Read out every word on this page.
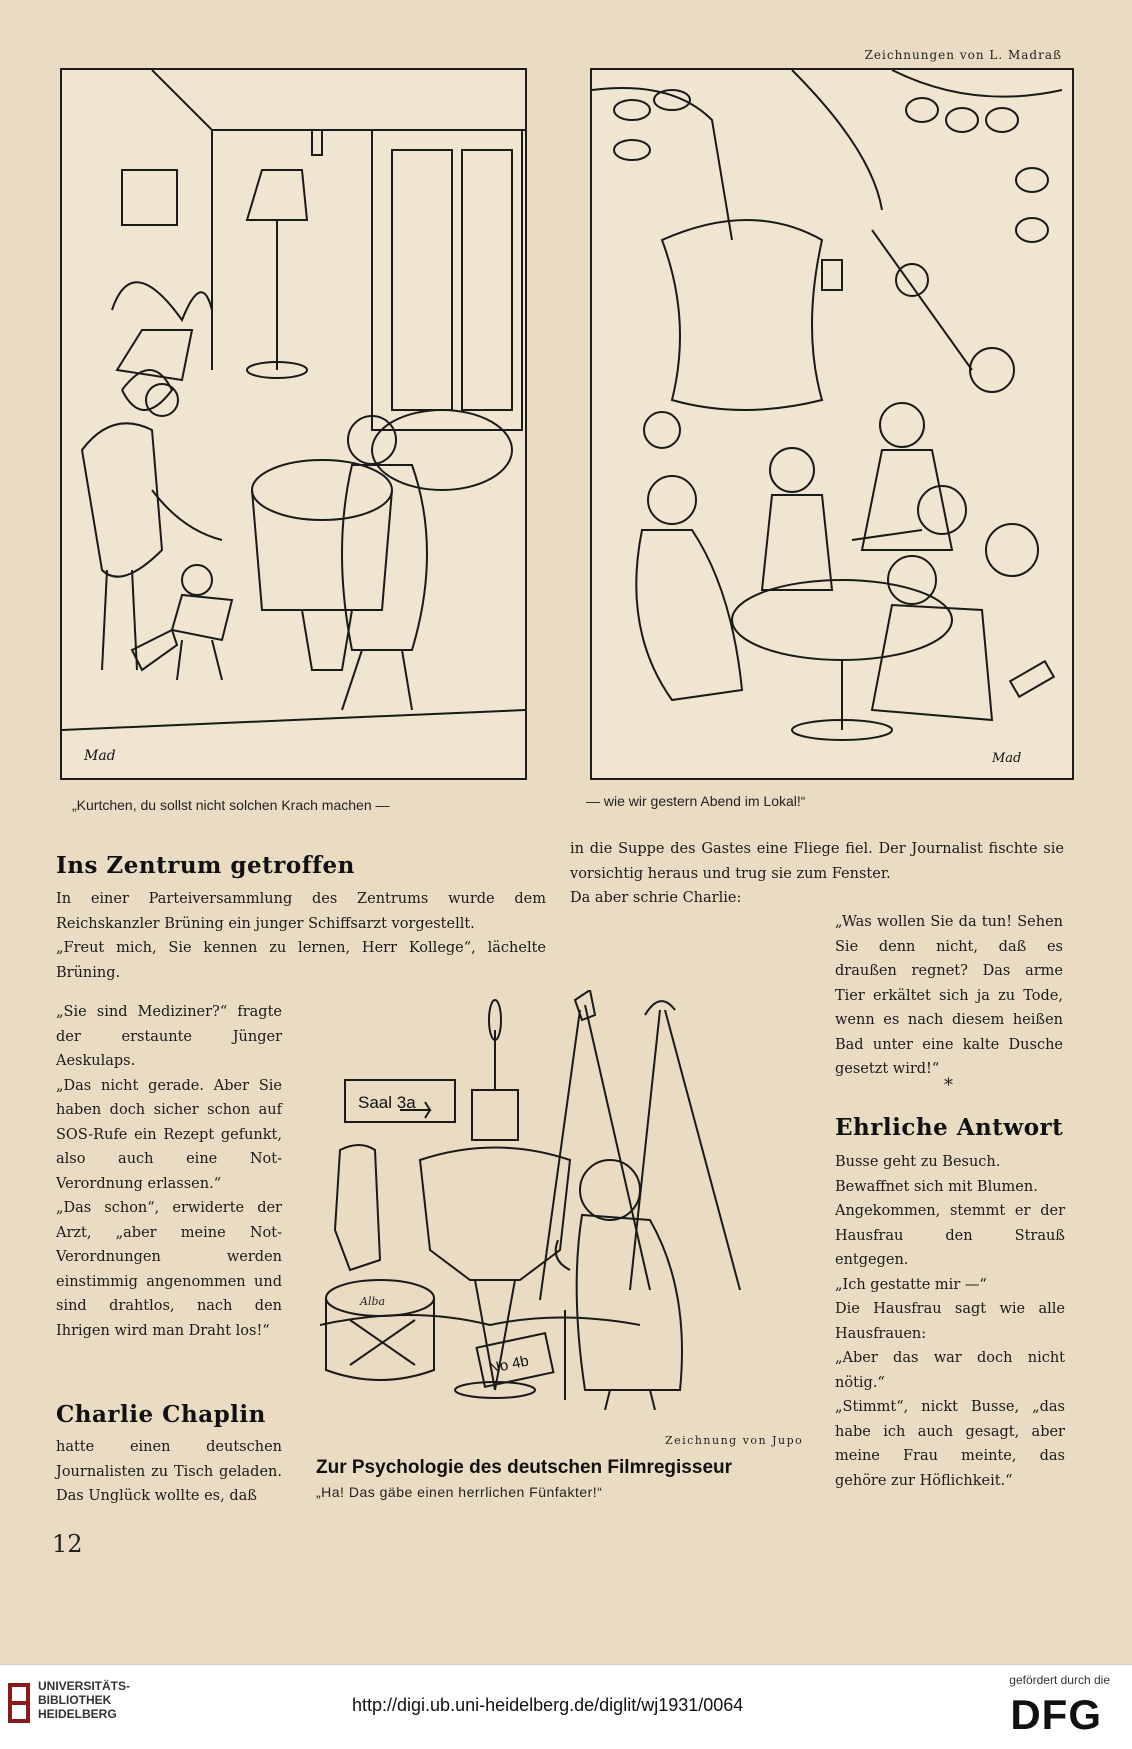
Zeichnungen von L. Madraß
Mad
„Kurtchen, du sollst nicht solchen Krach machen —
Mad
— wie wir gestern Abend im Lokal!“
Ins Zentrum getroffen

In einer Parteiversammlung des Zentrums wurde dem Reichskanzler Brüning ein junger Schiffsarzt vorgestellt.

„Freut mich, Sie kennen zu lernen, Herr Kollege“, lächelte Brüning.

„Sie sind Mediziner?“ fragte der erstaunte Jünger Aeskulaps.

„Das nicht gerade. Aber Sie haben doch sicher schon auf SOS-Rufe ein Rezept gefunkt, also auch eine Not-Verordnung erlassen.“

„Das schon“, erwiderte der Arzt, „aber meine Not-Verordnungen werden einstimmig angenommen und sind drahtlos, nach den Ihrigen wird man Draht los!“

Charlie Chaplin

hatte einen deutschen Journalisten zu Tisch geladen. Das Unglück wollte es, daß

in die Suppe des Gastes eine Fliege fiel. Der Journalist fischte sie vorsichtig heraus und trug sie zum Fenster.

Da aber schrie Charlie:

„Was wollen Sie da tun! Sehen Sie denn nicht, daß es draußen regnet? Das arme Tier erkältet sich ja zu Tode, wenn es nach diesem heißen Bad unter eine kalte Dusche gesetzt wird!“

*
Ehrliche Antwort

Busse geht zu Besuch.

Bewaffnet sich mit Blumen.

Angekommen, stemmt er der Hausfrau den Strauß entgegen.

„Ich gestatte mir —“

Die Hausfrau sagt wie alle Hausfrauen:

„Aber das war doch nicht nötig.“

„Stimmt“, nickt Busse, „das habe ich auch gesagt, aber meine Frau meinte, das gehöre zur Höflichkeit.“

Saal 3a
No 4b
Alba
Zeichnung von Jupo
Zur Psychologie des deutschen Filmregisseur
„Ha! Das gäbe einen herrlichen Fünfakter!“
12
UNIVERSITÄTS-
BIBLIOTHEK
HEIDELBERG	http://digi.ub.uni-heidelberg.de/diglit/wj1931/0064
gefördert durch die
DFG
